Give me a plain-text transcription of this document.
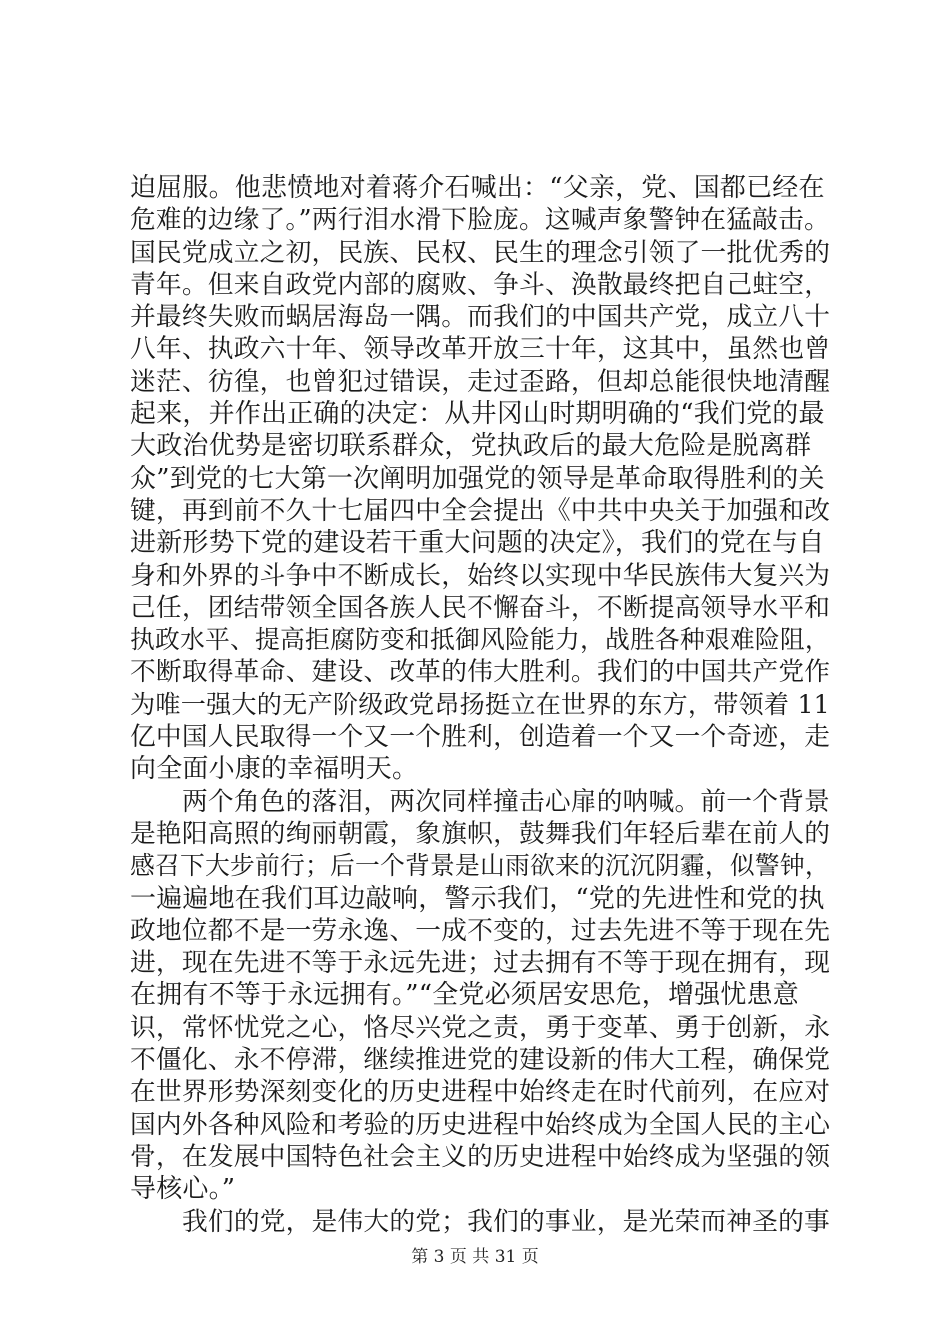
迫屈服。他悲愤地对着蒋介石喊出：“父亲，党、国都已经在
危难的边缘了。”两行泪水滑下脸庞。这喊声象警钟在猛敲击。
国民党成立之初，民族、民权、民生的理念引领了一批优秀的
青年。但来自政党内部的腐败、争斗、涣散最终把自己蛀空，
并最终失败而蜗居海岛一隅。而我们的中国共产党，成立八十
八年、执政六十年、领导改革开放三十年，这其中，虽然也曾
迷茫、彷徨，也曾犯过错误，走过歪路，但却总能很快地清醒
起来，并作出正确的决定：从井冈山时期明确的“我们党的最
大政治优势是密切联系群众，党执政后的最大危险是脱离群
众”到党的七大第一次阐明加强党的领导是革命取得胜利的关
键，再到前不久十七届四中全会提出《中共中央关于加强和改
进新形势下党的建设若干重大问题的决定》，我们的党在与自
身和外界的斗争中不断成长，始终以实现中华民族伟大复兴为
己任，团结带领全国各族人民不懈奋斗，不断提高领导水平和
执政水平、提高拒腐防变和抵御风险能力，战胜各种艰难险阻，
不断取得革命、建设、改革的伟大胜利。我们的中国共产党作
为唯一强大的无产阶级政党昂扬挺立在世界的东方，带领着 11
亿中国人民取得一个又一个胜利，创造着一个又一个奇迹，走
向全面小康的幸福明天。
两个角色的落泪，两次同样撞击心扉的呐喊。前一个背景
是艳阳高照的绚丽朝霞，象旗帜，鼓舞我们年轻后辈在前人的
感召下大步前行；后一个背景是山雨欲来的沉沉阴霾，似警钟，
一遍遍地在我们耳边敲响，警示我们，“党的先进性和党的执
政地位都不是一劳永逸、一成不变的，过去先进不等于现在先
进，现在先进不等于永远先进；过去拥有不等于现在拥有，现
在拥有不等于永远拥有。”“全党必须居安思危，增强忧患意
识，常怀忧党之心，恪尽兴党之责，勇于变革、勇于创新，永
不僵化、永不停滞，继续推进党的建设新的伟大工程，确保党
在世界形势深刻变化的历史进程中始终走在时代前列，在应对
国内外各种风险和考验的历史进程中始终成为全国人民的主心
骨，在发展中国特色社会主义的历史进程中始终成为坚强的领
导核心。”
我们的党，是伟大的党；我们的事业，是光荣而神圣的事
第 3 页 共 31 页
